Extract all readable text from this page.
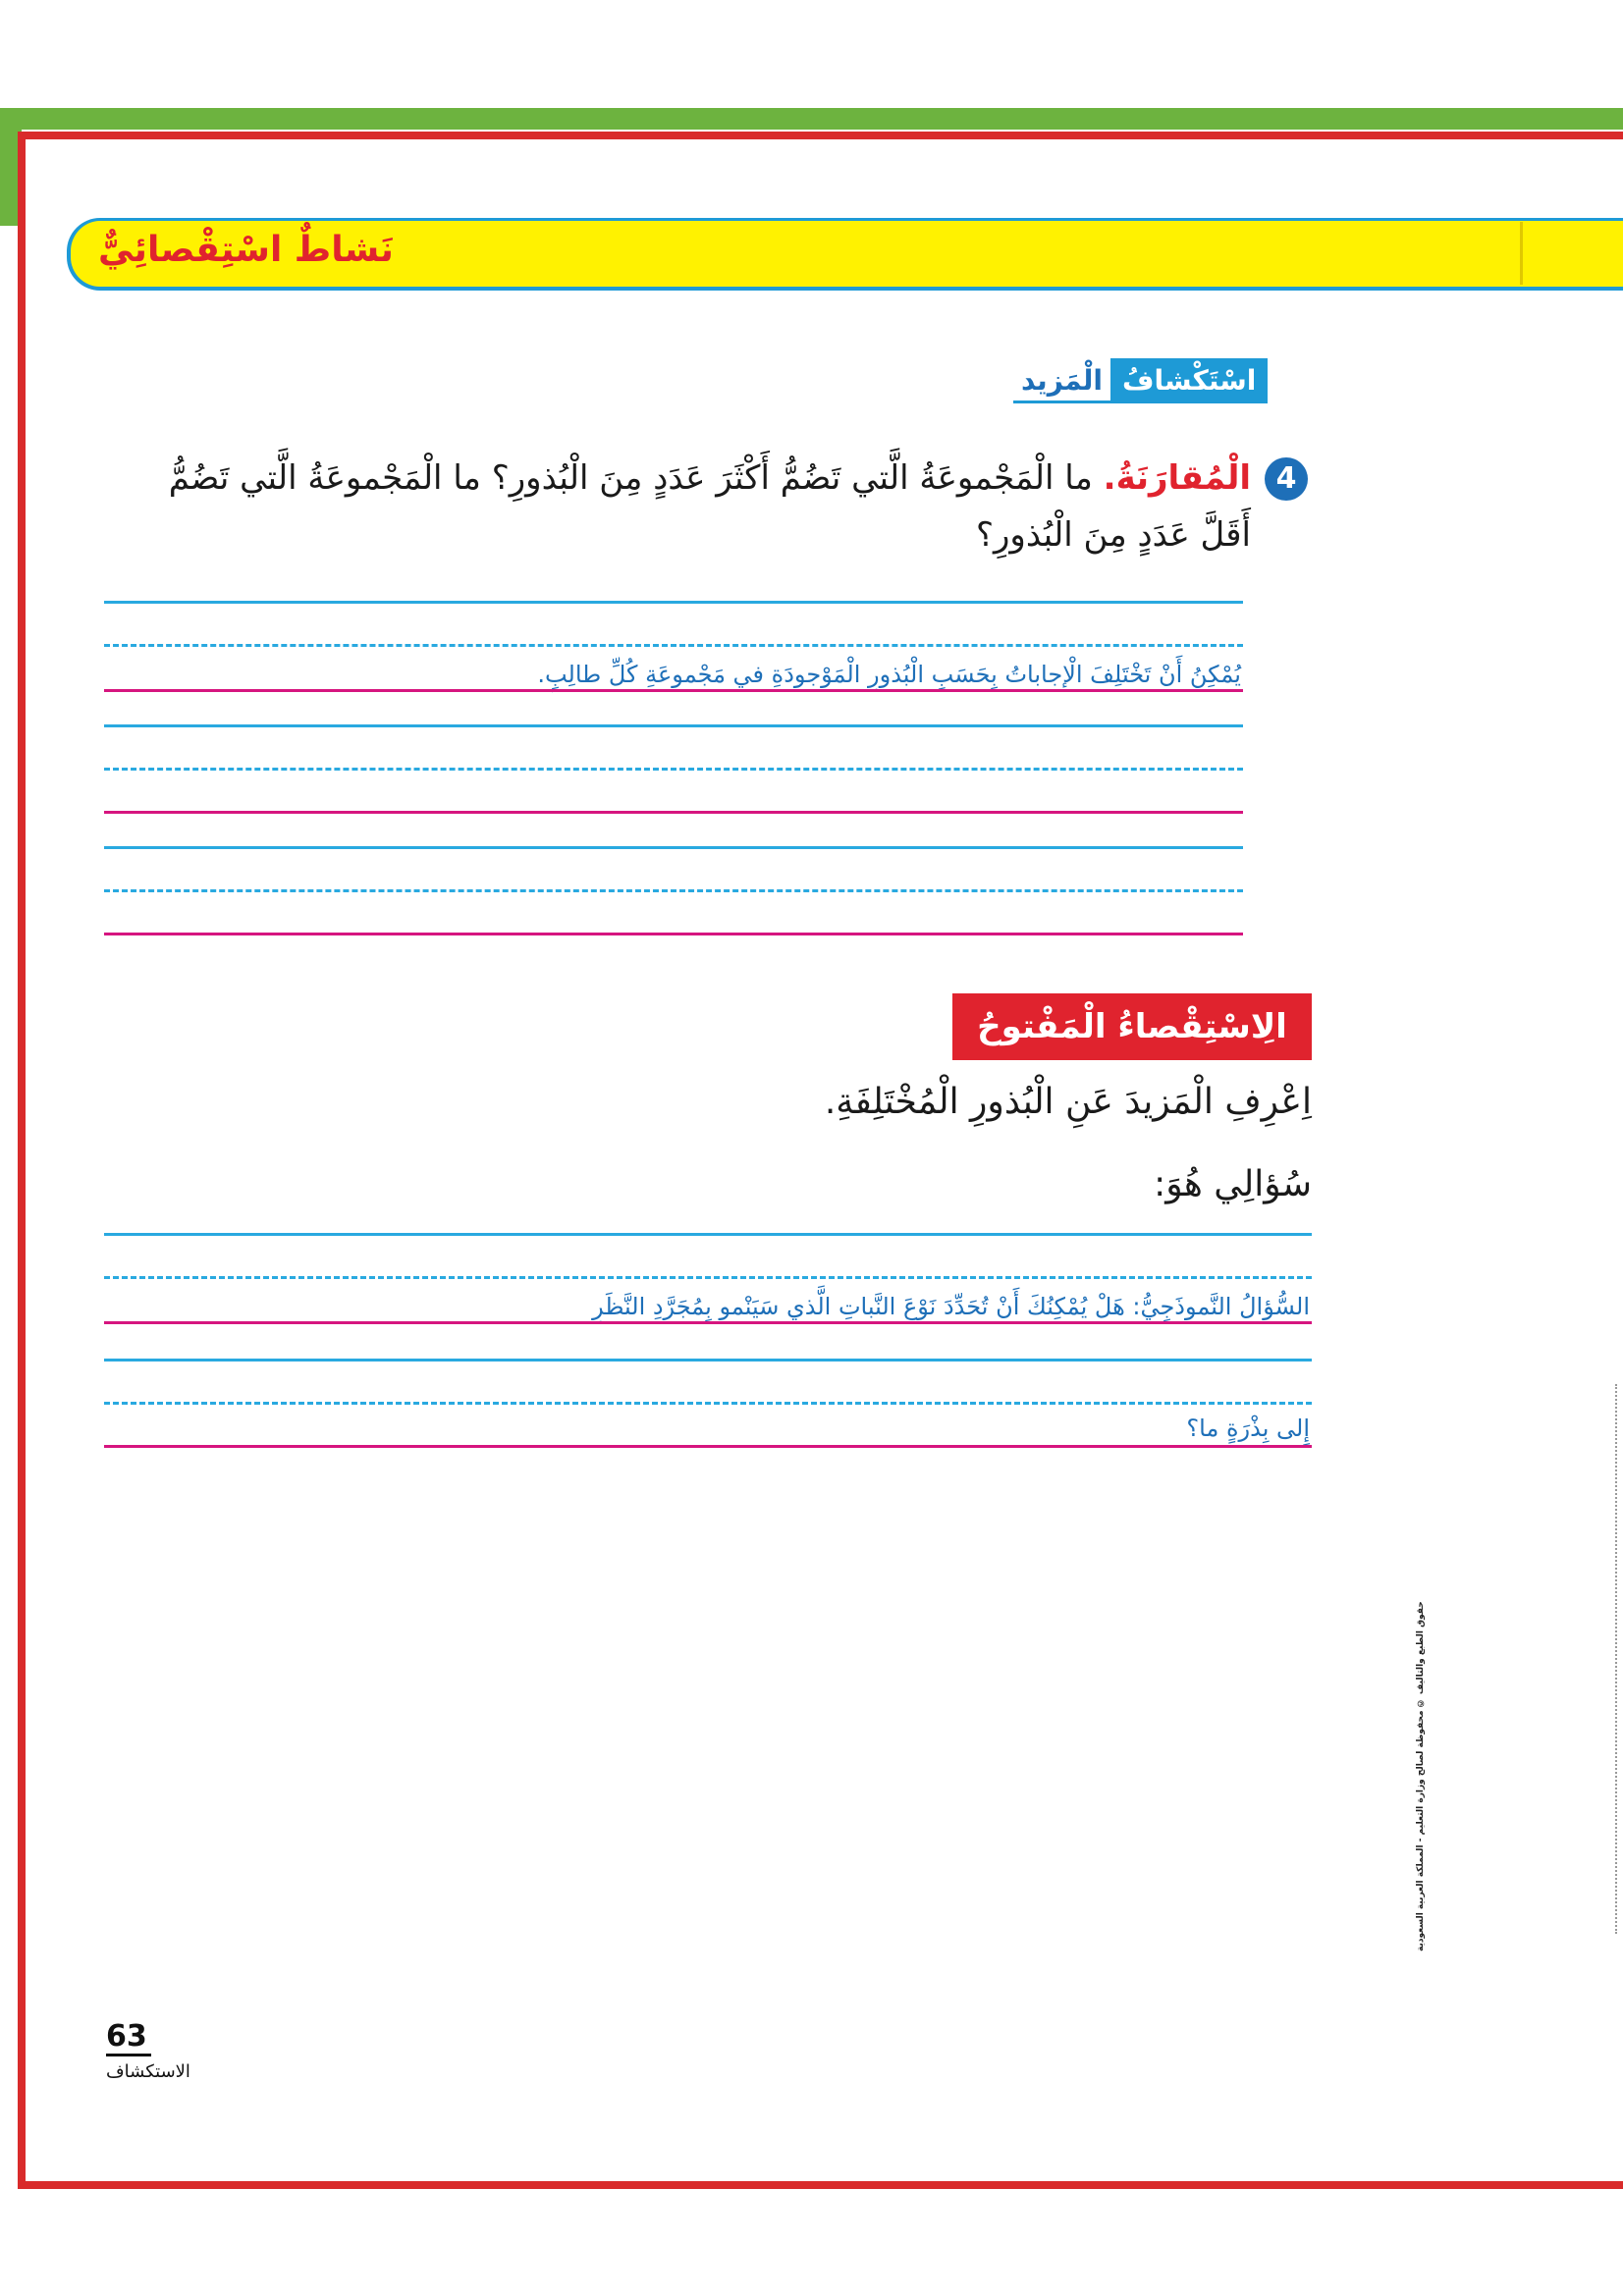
نَشاطٌ اسْتِقْصائِيٌّ
اسْتَكْشافُ
الْمَزيد
4
الْمُقارَنَةُ. ما الْمَجْموعَةُ الَّتي تَضُمُّ أَكْثَرَ عَدَدٍ مِنَ الْبُذورِ؟ ما الْمَجْموعَةُ الَّتي تَضُمُّ أَقَلَّ عَدَدٍ مِنَ الْبُذورِ؟
يُمْكِنُ أَنْ تَخْتَلِفَ الْإِجاباتُ بِحَسَبِ الْبُذورِ الْمَوْجودَةِ في مَجْموعَةِ كُلِّ طالِبٍ.
الِاسْتِقْصاءُ الْمَفْتوحُ
اِعْرِفِ الْمَزيدَ عَنِ الْبُذورِ الْمُخْتَلِفَةِ.
سُؤالِي هُوَ:
السُّؤالُ النَّموذَجِيُّ: هَلْ يُمْكِنُكَ أَنْ تُحَدِّدَ نَوْعَ النَّباتِ الَّذي سَيَنْمو بِمُجَرَّدِ النَّظَرِ
إِلى بِذْرَةٍ ما؟
حقوق الطبع والتأليف © محفوظة لصالح وزارة التعليم - المملكة العربية السعودية
63
الاستكشاف
